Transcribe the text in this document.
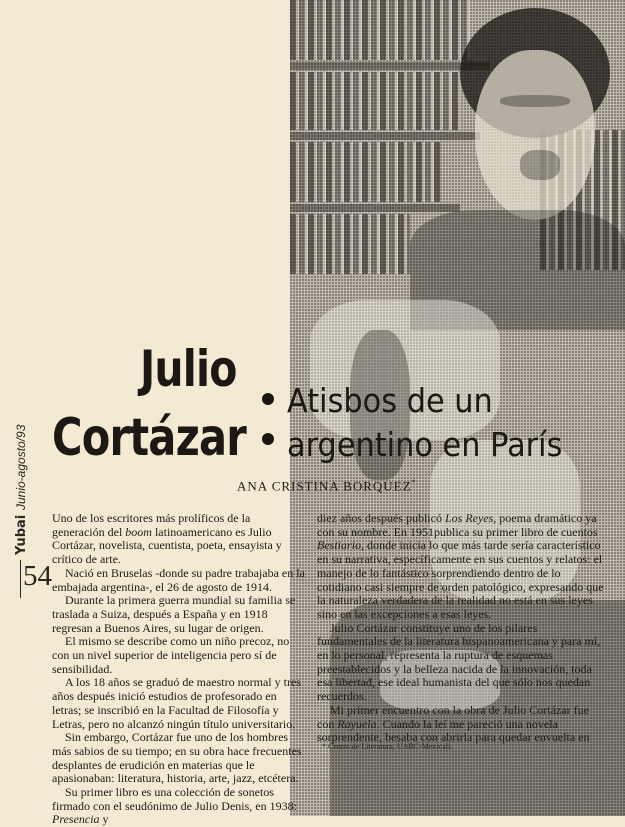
Junio-agosto/93
Yubai
54
Julio
Atisbos de un
Cortázar argentino en París
ANA CRISTINA BORQUEZ*

Uno de los escritores más prolíficos de la generación del boom latinoamericano es Julio Cortázar, novelista, cuentista, poeta, ensayista y crítico de arte.

Nació en Bruselas -donde su padre trabajaba en la embajada argentina-, el 26 de agosto de 1914.

Durante la primera guerra mundial su familia se traslada a Suiza, después a España y en 1918 regresan a Buenos Aires, su lugar de origen.

El mismo se describe como un niño precoz, no con un nivel superior de inteligencia pero sí de sensibilidad.

A los 18 años se graduó de maestro normal y tres años después inició estudios de profesorado en letras; se inscribió en la Facultad de Filosofía y Letras, pero no alcanzó ningún título universitario.

Sin embargo, Cortázar fue uno de los hombres más sabios de su tiempo; en su obra hace frecuentes desplantes de erudición en materias que le apasionaban: literatura, historia, arte, jazz, etcétera.

Su primer libro es una colección de sonetos firmado con el seudónimo de Julio Denis, en 1938: Presencia y

diez años después publicó Los Reyes, poema dramático ya con su nombre. En 1951publica su primer libro de cuentos Bestiario, donde inicia lo que más tarde sería característico en su narrativa, específicamente en sus cuentos y relatos: el manejo de lo fantástico sorprendiendo dentro de lo cotidiano casi siempre de orden patológico, expresando que la naturaleza verdadera de la realidad no está en sus leyes sino en las excepciones a esas leyes.

Julio Cortázar constituye uno de los pilares fundamentales de la literatura hispanoamericana y para mí, en lo personal, representa la ruptura de esquemas preestablecidos y la belleza nacida de la innovación, toda esa libertad, ese ideal humanista del que sólo nos quedan recuerdos.

Mi primer encuentro con la obra de Julio Cortázar fue con Rayuela. Cuando la leí me pareció una novela sorprendente, besaba con abrirla para quedar envuelta en

* Centro de Literatura, UABC-Mexicali.
